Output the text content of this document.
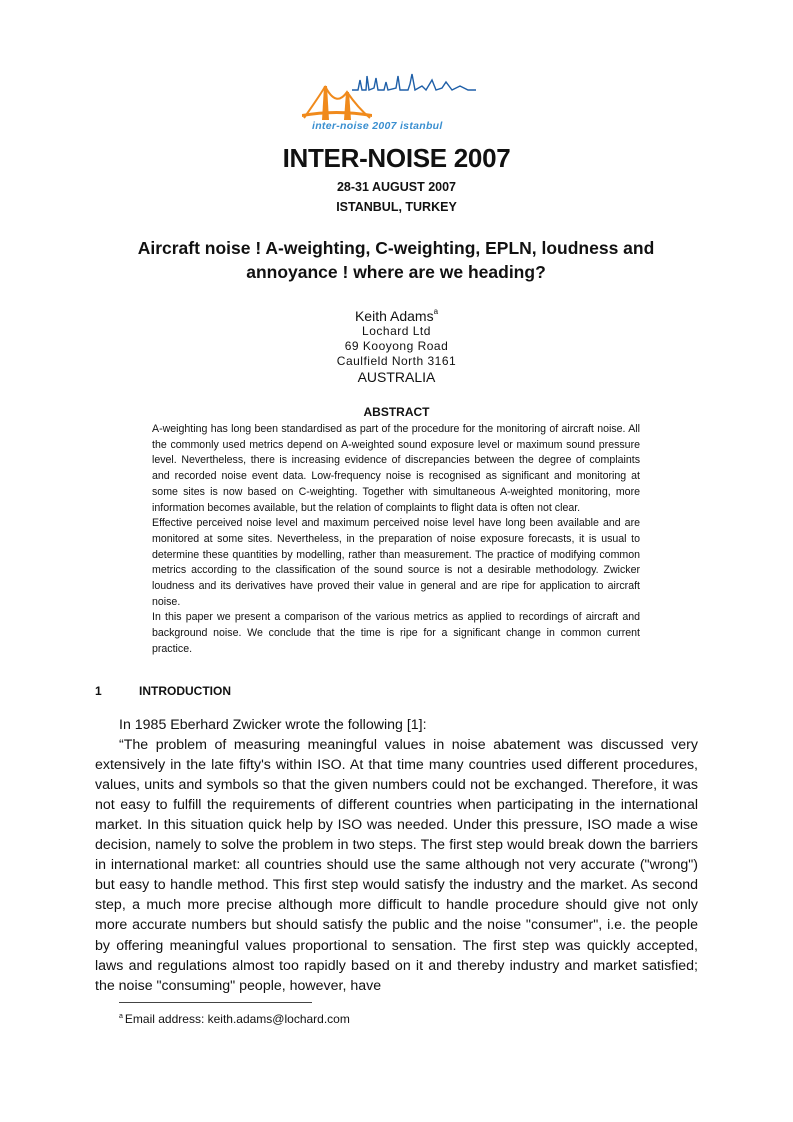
inter-noise 2007 istanbul
INTER-NOISE 2007
28-31 AUGUST 2007
ISTANBUL, TURKEY
Aircraft noise ! A-weighting, C-weighting, EPLN, loudness and
annoyance ! where are we heading?
Keith Adams$^a$
Lochard Ltd
69 Kooyong Road
Caulfield North 3161
AUSTRALIA
ABSTRACT

A-weighting has long been standardised as part of the procedure for the monitoring of aircraft noise. All the commonly used metrics depend on A-weighted sound exposure level or maximum sound pressure level. Nevertheless, there is increasing evidence of discrepancies between the degree of complaints and recorded noise event data. Low-frequency noise is recognised as significant and monitoring at some sites is now based on C-weighting. Together with simultaneous A-weighted monitoring, more information becomes available, but the relation of complaints to flight data is often not clear.

Effective perceived noise level and maximum perceived noise level have long been available and are monitored at some sites. Nevertheless, in the preparation of noise exposure forecasts, it is usual to determine these quantities by modelling, rather than measurement. The practice of modifying common metrics according to the classification of the sound source is not a desirable methodology. Zwicker loudness and its derivatives have proved their value in general and are ripe for application to aircraft noise.

In this paper we present a comparison of the various metrics as applied to recordings of aircraft and background noise. We conclude that the time is ripe for a significant change in common current practice.

1	INTRODUCTION

In 1985 Eberhard Zwicker wrote the following [1]:

“The problem of measuring meaningful values in noise abatement was discussed very extensively in the late fifty's within ISO. At that time many countries used different procedures, values, units and symbols so that the given numbers could not be exchanged. Therefore, it was not easy to fulfill the requirements of different countries when participating in the international market. In this situation quick help by ISO was needed. Under this pressure, ISO made a wise decision, namely to solve the problem in two steps. The first step would break down the barriers in international market: all countries should use the same although not very accurate ("wrong") but easy to handle method. This first step would satisfy the industry and the market. As second step, a much more precise although more difficult to handle procedure should give not only more accurate numbers but should satisfy the public and the noise "consumer", i.e. the people by offering meaningful values proportional to sensation. The first step was quickly accepted, laws and regulations almost too rapidly based on it and thereby industry and market satisfied; the noise "consuming" people, however, have

$^a$ Email address: keith.adams@lochard.com
